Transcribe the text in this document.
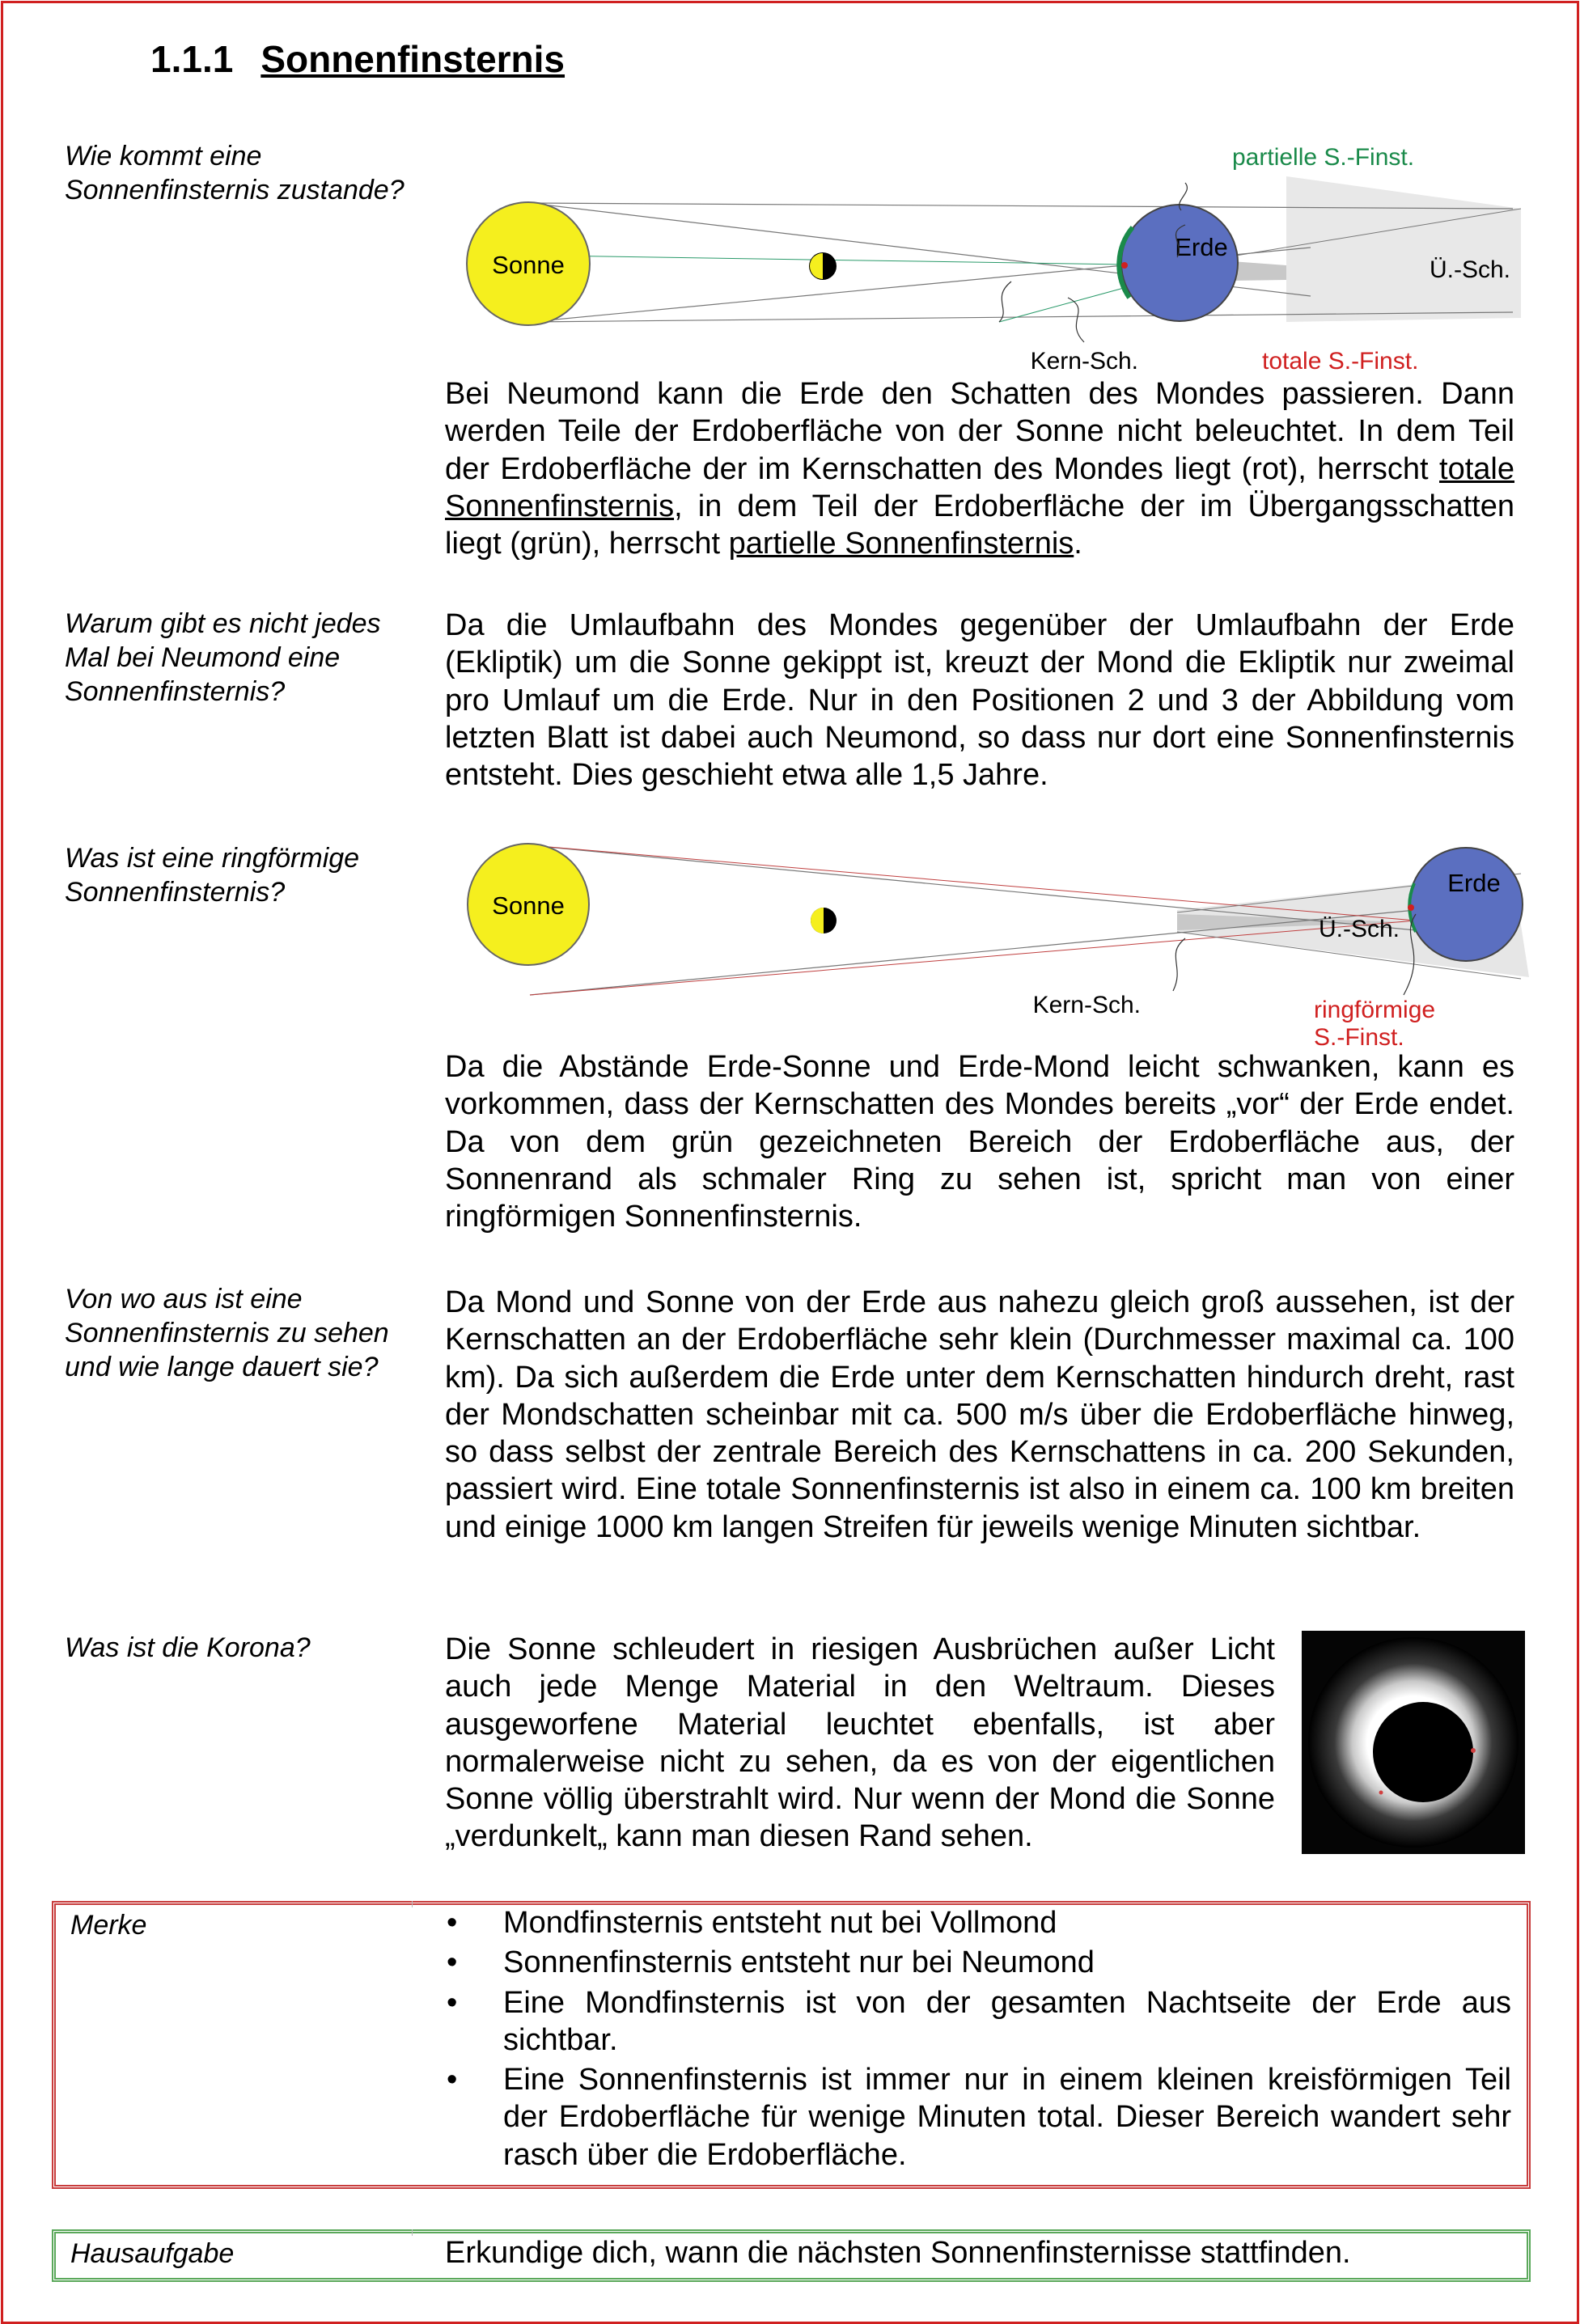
1.1.1 Sonnenfinsternis
Wie kommt eine Sonnenfinsternis zustande?
Sonne
Erde
Ü.-Sch.
partielle S.-Finst.
Kern-Sch.	totale S.-Finst.
Bei Neumond kann die Erde den Schatten des Mondes passieren. Dann werden Teile der Erdoberfläche von der Sonne nicht beleuchtet. In dem Teil der Erdoberfläche der im Kernschatten des Mondes liegt (rot), herrscht totale Sonnenfinsternis, in dem Teil der Erdoberfläche der im Übergangsschatten liegt (grün), herrscht partielle Sonnenfinsternis.
Warum gibt es nicht jedes Mal bei Neumond eine Sonnenfinsternis?
Da die Umlaufbahn des Mondes gegenüber der Umlaufbahn der Erde (Ekliptik) um die Sonne gekippt ist, kreuzt der Mond die Ekliptik nur zweimal pro Umlauf um die Erde. Nur in den Positionen 2 und 3 der Abbildung vom letzten Blatt ist dabei auch Neumond, so dass nur dort eine Sonnenfinsternis entsteht. Dies geschieht etwa alle 1,5 Jahre.
Was ist eine ringförmige Sonnenfinsternis?	Sonne
Erde
Ü.-Sch.
Kern-Sch.	ringförmige
S.-Finst.
Da die Abstände Erde-Sonne und Erde-Mond leicht schwanken, kann es vorkommen, dass der Kernschatten des Mondes bereits „vor“ der Erde endet. Da von dem grün gezeichneten Bereich der Erdoberfläche aus, der Sonnenrand als schmaler Ring zu sehen ist, spricht man von einer ringförmigen Sonnenfinsternis.
Von wo aus ist eine Sonnenfinsternis zu sehen und wie lange dauert sie?
Da Mond und Sonne von der Erde aus nahezu gleich groß aussehen, ist der Kernschatten an der Erdoberfläche sehr klein (Durchmesser maximal ca. 100 km). Da sich außerdem die Erde unter dem Kernschatten hindurch dreht, rast der Mondschatten scheinbar mit ca. 500 m/s über die Erdoberfläche hinweg, so dass selbst der zentrale Bereich des Kernschattens in ca. 200 Sekunden, passiert wird. Eine totale Sonnenfinsternis ist also in einem ca. 100 km breiten und einige 1000 km langen Streifen für jeweils wenige Minuten sichtbar.
Was ist die Korona?	Die Sonne schleudert in riesigen Ausbrüchen außer Licht auch jede Menge Material in den Weltraum. Dieses ausgeworfene Material leuchtet ebenfalls, ist aber normalerweise nicht zu sehen, da es von der eigentlichen Sonne völlig überstrahlt wird. Nur wenn der Mond die Sonne „verdunkelt„ kann man diesen Rand sehen.
Merke	• Mondfinsternis entsteht nut bei Vollmond
• Sonnenfinsternis entsteht nur bei Neumond
• Eine Mondfinsternis ist von der gesamten Nachtseite der Erde aus sichtbar.
• Eine Sonnenfinsternis ist immer nur in einem kleinen kreisförmigen Teil der Erdoberfläche für wenige Minuten total. Dieser Bereich wandert sehr rasch über die Erdoberfläche.
Hausaufgabe	Erkundige dich, wann die nächsten Sonnenfinsternisse stattfinden.
